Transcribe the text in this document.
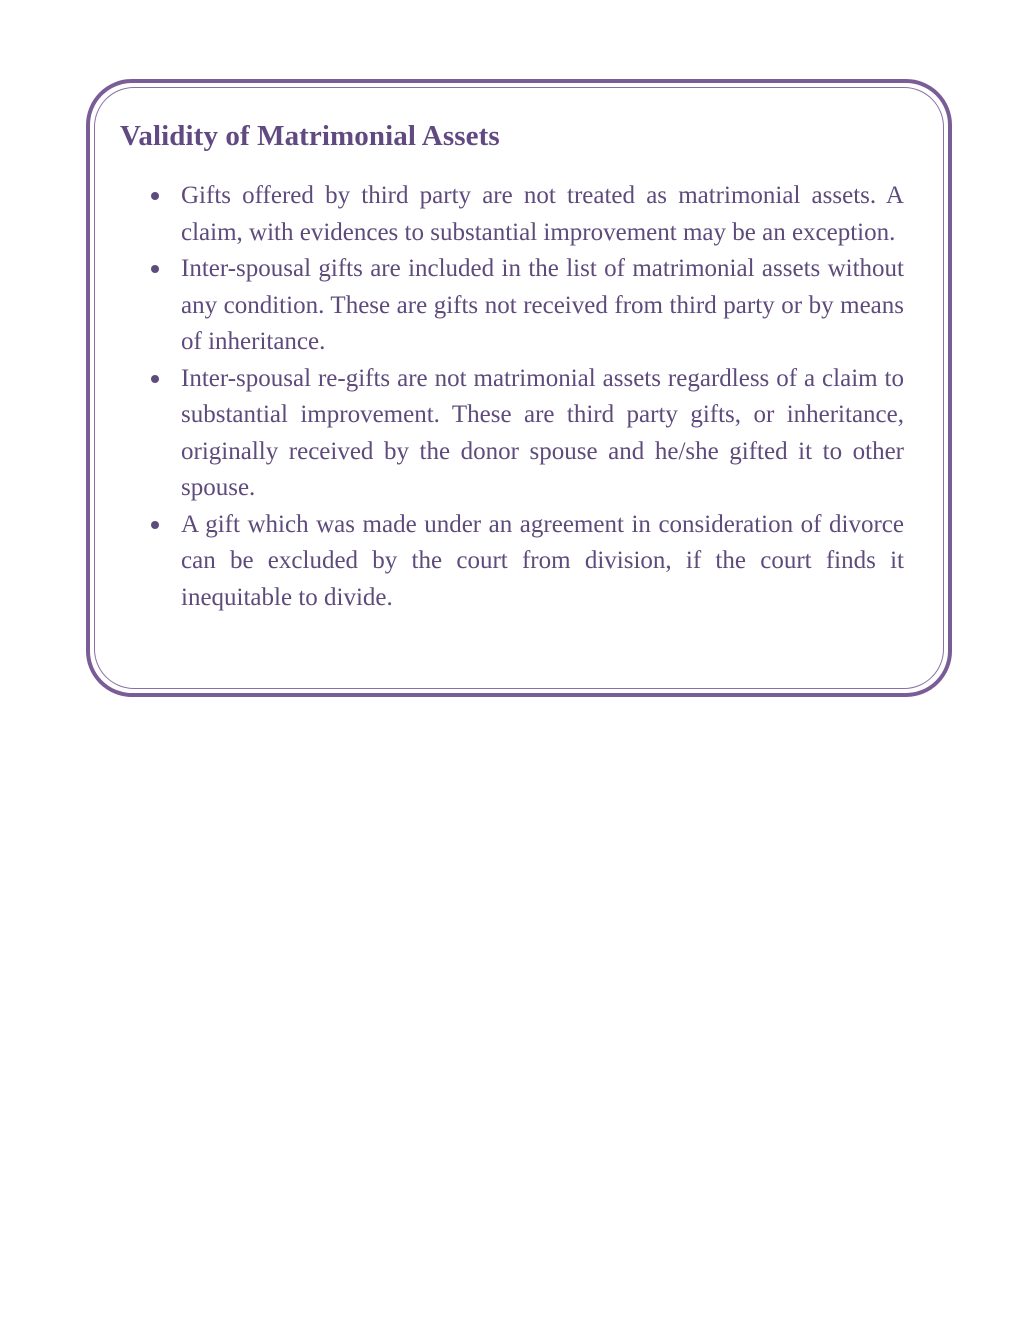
Validity of Matrimonial Assets
Gifts offered by third party are not treated as matrimonial assets. A claim, with evidences to substantial improvement may be an exception.
Inter-spousal gifts are included in the list of matrimonial assets without any condition. These are gifts not received from third party or by means of inheritance.
Inter-spousal re-gifts are not matrimonial assets regardless of a claim to substantial improvement. These are third party gifts, or inheritance, originally received by the donor spouse and he/she gifted it to other spouse.
A gift which was made under an agreement in consideration of divorce can be excluded by the court from division, if the court finds it inequitable to divide.
